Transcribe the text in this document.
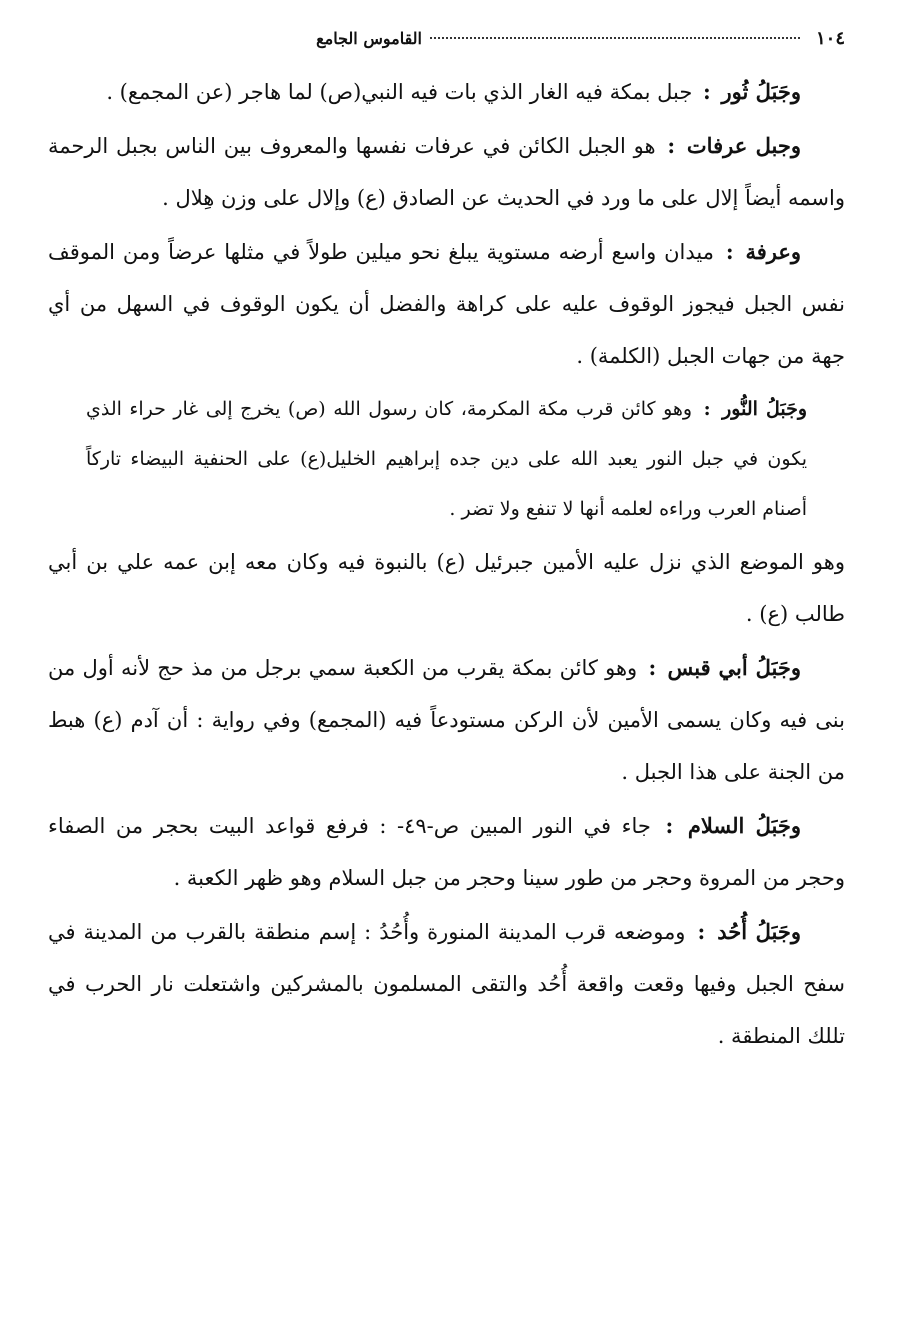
١٠٤
القاموس الجامع

وجَبَلُ ثُور : جبل بمكة فيه الغار الذي بات فيه النبي(ص) لما هاجر (عن المجمع) .

وجبل عرفات : هو الجبل الكائن في عرفات نفسها والمعروف بين الناس بجبل الرحمة واسمه أيضاً إلال على ما ورد في الحديث عن الصادق (ع) وإلال على وزن هِلال .

وعرفة : ميدان واسع أرضه مستوية يبلغ نحو ميلين طولاً في مثلها عرضاً ومن الموقف نفس الجبل فيجوز الوقوف عليه على كراهة والفضل أن يكون الوقوف في السهل من أي جهة من جهات الجبل (الكلمة) .

وجَبَلُ النُّور : وهو كائن قرب مكة المكرمة، كان رسول الله (ص) يخرج إلى غار حراء الذي يكون في جبل النور يعبد الله على دين جده إبراهيم الخليل(ع) على الحنفية البيضاء تاركاً أصنام العرب وراءه لعلمه أنها لا تنفع ولا تضر .

وهو الموضع الذي نزل عليه الأمين جبرئيل (ع) بالنبوة فيه وكان معه إبن عمه علي بن أبي طالب (ع) .

وجَبَلُ أبي قبس : وهو كائن بمكة يقرب من الكعبة سمي برجل من مذ حج لأنه أول من بنى فيه وكان يسمى الأمين لأن الركن مستودعاً فيه (المجمع) وفي رواية : أن آدم (ع) هبط من الجنة على هذا الجبل .

وجَبَلُ السلام : جاء في النور المبين ص-٤٩- : فرفع قواعد البيت بحجر من الصفاء وحجر من المروة وحجر من طور سينا وحجر من جبل السلام وهو ظهر الكعبة .

وجَبَلُ أُحُد : وموضعه قرب المدينة المنورة وأُحُدُ : إسم منطقة بالقرب من المدينة في سفح الجبل وفيها وقعت واقعة أُحُد والتقى المسلمون بالمشركين واشتعلت نار الحرب في تللك المنطقة .
